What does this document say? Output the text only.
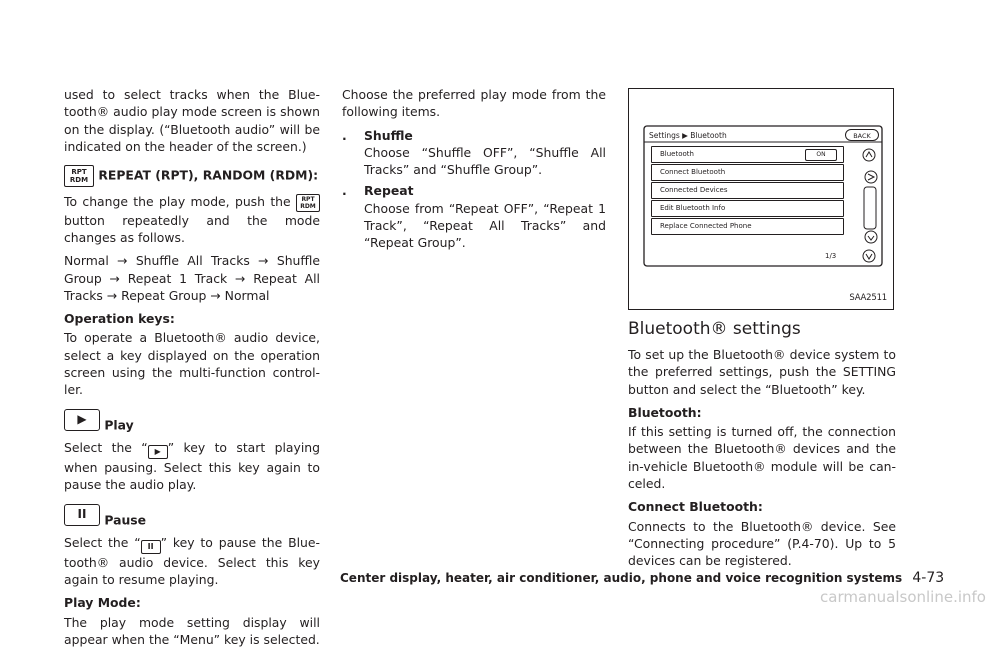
used to select tracks when the Blue-tooth® audio play mode screen is shown on the display. (“Bluetooth audio” will be indicated on the header of the screen.)

RPT RDM REPEAT (RPT), RANDOM (RDM):

To change the play mode, push the RPT RDM button repeatedly and the mode changes as follows.

Normal → Shuffle All Tracks → Shuffle Group → Repeat 1 Track → Repeat All Tracks → Repeat Group → Normal

Operation keys:

To operate a Bluetooth® audio device, select a key displayed on the operation screen using the multi-function control-ler.

▶ Play

Select the “ ▶ ” key to start playing when pausing. Select this key again to pause the audio play.

II Pause

Select the “ II ” key to pause the Blue-tooth® audio device. Select this key again to resume playing.

Play Mode:

The play mode setting display will appear when the “Menu” key is selected.

Choose the preferred play mode from the following items.

.	Shuffle
Choose “Shuffle OFF”, “Shuffle All Tracks” and “Shuffle Group”.
.	Repeat
Choose from “Repeat OFF”, “Repeat 1 Track”, “Repeat All Tracks” and “Repeat Group”.
Settings ▶ Bluetooth	BACK
Bluetooth	ON
Connect Bluetooth
Connected Devices
Edit Bluetooth Info
Replace Connected Phone
1/3
SAA2511
Bluetooth® settings

To set up the Bluetooth® device system to the preferred settings, push the SETTING button and select the “Bluetooth” key.

Bluetooth:

If this setting is turned off, the connection between the Bluetooth® devices and the in-vehicle Bluetooth® module will be can-celed.

Connect Bluetooth:

Connects to the Bluetooth® device. See “Connecting procedure” (P.4-70). Up to 5 devices can be registered.

Center display, heater, air conditioner, audio, phone and voice recognition systems 4-73
carmanualsonline.info
